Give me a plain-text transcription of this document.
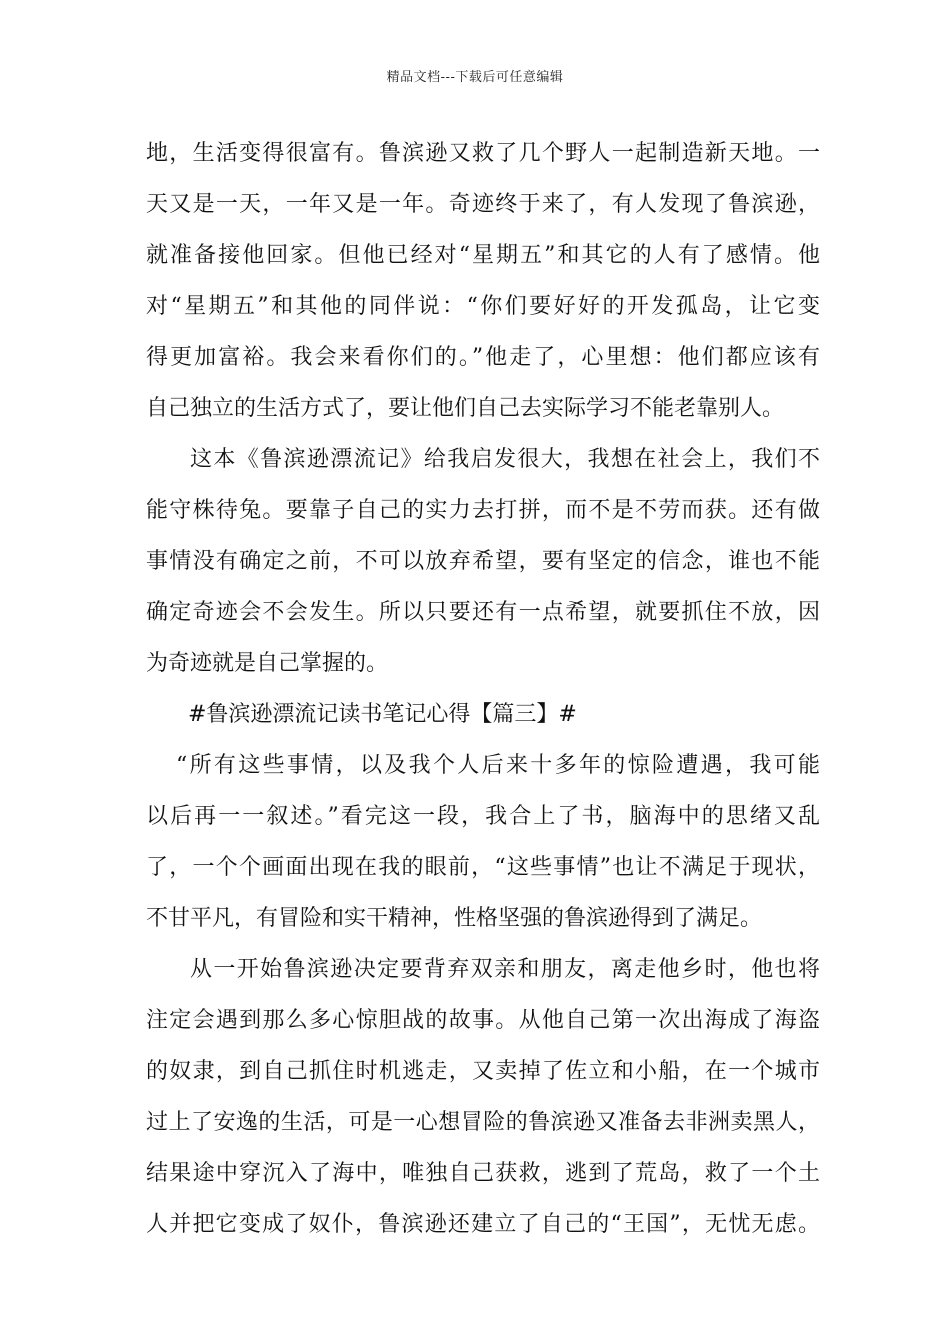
精品文档---下载后可任意编辑
地，生活变得很富有。鲁滨逊又救了几个野人一起制造新天地。一
天又是一天，一年又是一年。奇迹终于来了，有人发现了鲁滨逊，
就准备接他回家。但他已经对“星期五”和其它的人有了感情。他
对“星期五”和其他的同伴说：“你们要好好的开发孤岛，让它变
得更加富裕。我会来看你们的。”他走了，心里想：他们都应该有
自己独立的生活方式了，要让他们自己去实际学习不能老靠别人。
这本《鲁滨逊漂流记》给我启发很大，我想在社会上，我们不
能守株待兔。要靠子自己的实力去打拼，而不是不劳而获。还有做
事情没有确定之前，不可以放弃希望，要有坚定的信念，谁也不能
确定奇迹会不会发生。所以只要还有一点希望，就要抓住不放，因
为奇迹就是自己掌握的。
#鲁滨逊漂流记读书笔记心得【篇三】#
“所有这些事情，以及我个人后来十多年的惊险遭遇，我可能
以后再一一叙述。”看完这一段，我合上了书，脑海中的思绪又乱
了，一个个画面出现在我的眼前，“这些事情”也让不满足于现状，
不甘平凡，有冒险和实干精神，性格坚强的鲁滨逊得到了满足。
从一开始鲁滨逊决定要背弃双亲和朋友，离走他乡时，他也将
注定会遇到那么多心惊胆战的故事。从他自己第一次出海成了海盗
的奴隶，到自己抓住时机逃走，又卖掉了佐立和小船，在一个城市
过上了安逸的生活，可是一心想冒险的鲁滨逊又准备去非洲卖黑人，
结果途中穿沉入了海中，唯独自己获救，逃到了荒岛，救了一个土
人并把它变成了奴仆，鲁滨逊还建立了自己的“王国”，无忧无虑。
